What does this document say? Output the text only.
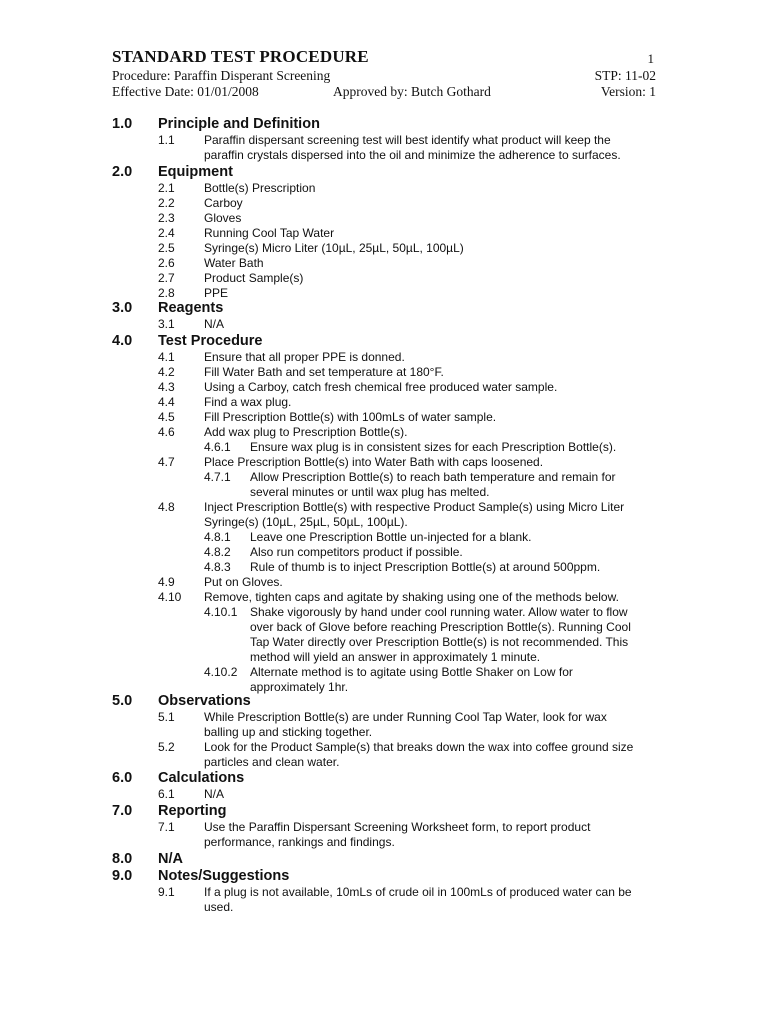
STANDARD TEST PROCEDURE	1
Procedure: Paraffin Disperant Screening	STP: 11-02
Effective Date: 01/01/2008	Approved by: Butch Gothard	Version: 1
1.0 Principle and Definition
1.1 Paraffin dispersant screening test will best identify what product will keep the
paraffin crystals dispersed into the oil and minimize the adherence to surfaces.
2.0 Equipment
2.1 Bottle(s) Prescription
2.2 Carboy
2.3 Gloves
2.4 Running Cool Tap Water
2.5 Syringe(s) Micro Liter (10µL, 25µL, 50µL, 100µL)
2.6 Water Bath
2.7 Product Sample(s)
2.8 PPE
3.0 Reagents
3.1 N/A
4.0 Test Procedure
4.1 Ensure that all proper PPE is donned.
4.2 Fill Water Bath and set temperature at 180°F.
4.3 Using a Carboy, catch fresh chemical free produced water sample.
4.4 Find a wax plug.
4.5 Fill Prescription Bottle(s) with 100mLs of water sample.
4.6 Add wax plug to Prescription Bottle(s).
4.6.1 Ensure wax plug is in consistent sizes for each Prescription Bottle(s).
4.7 Place Prescription Bottle(s) into Water Bath with caps loosened.
4.7.1 Allow Prescription Bottle(s) to reach bath temperature and remain for
several minutes or until wax plug has melted.
4.8 Inject Prescription Bottle(s) with respective Product Sample(s) using Micro Liter
Syringe(s) (10µL, 25µL, 50µL, 100µL).
4.8.1 Leave one Prescription Bottle un-injected for a blank.
4.8.2 Also run competitors product if possible.
4.8.3 Rule of thumb is to inject Prescription Bottle(s) at around 500ppm.
4.9 Put on Gloves.
4.10 Remove, tighten caps and agitate by shaking using one of the methods below.
4.10.1 Shake vigorously by hand under cool running water. Allow water to flow
over back of Glove before reaching Prescription Bottle(s). Running Cool
Tap Water directly over Prescription Bottle(s) is not recommended. This
method will yield an answer in approximately 1 minute.
4.10.2 Alternate method is to agitate using Bottle Shaker on Low for
approximately 1hr.
5.0 Observations
5.1 While Prescription Bottle(s) are under Running Cool Tap Water, look for wax
balling up and sticking together.
5.2 Look for the Product Sample(s) that breaks down the wax into coffee ground size
particles and clean water.
6.0 Calculations
6.1 N/A
7.0 Reporting
7.1 Use the Paraffin Dispersant Screening Worksheet form, to report product
performance, rankings and findings.
8.0 N/A
9.0 Notes/Suggestions
9.1 If a plug is not available, 10mLs of crude oil in 100mLs of produced water can be
used.
